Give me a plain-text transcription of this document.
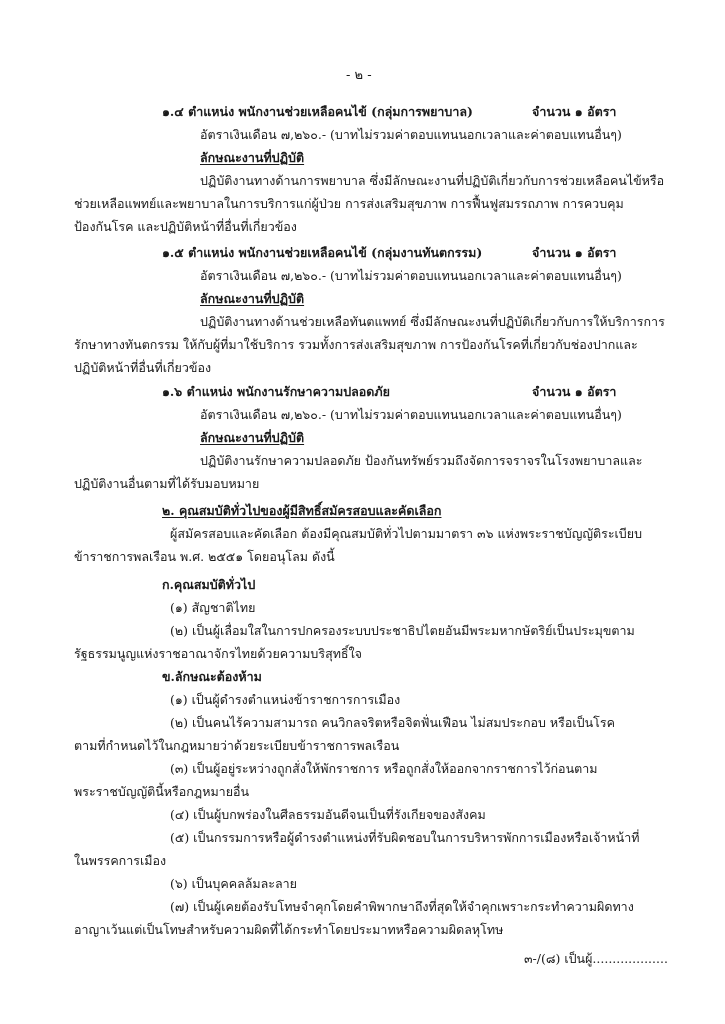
- ๒ -
๑.๔ ตำแหน่ง พนักงานช่วยเหลือคนไข้ (กลุ่มการพยาบาล)	จำนวน ๑ อัตรา
อัตราเงินเดือน ๗,๒๖๐.- (บาทไม่รวมค่าตอบแทนนอกเวลาและค่าตอบแทนอื่นๆ)
ลักษณะงานที่ปฏิบัติ
ปฏิบัติงานทางด้านการพยาบาล ซึ่งมีลักษณะงานที่ปฏิบัติเกี่ยวกับการช่วยเหลือคนไข้หรือ
ช่วยเหลือแพทย์และพยาบาลในการบริการแก่ผู้ป่วย การส่งเสริมสุขภาพ การฟื้นฟูสมรรถภาพ การควบคุม
ป้องกันโรค และปฏิบัติหน้าที่อื่นที่เกี่ยวข้อง
๑.๕ ตำแหน่ง พนักงานช่วยเหลือคนไข้ (กลุ่มงานทันตกรรม)	จำนวน ๑ อัตรา
อัตราเงินเดือน ๗,๒๖๐.- (บาทไม่รวมค่าตอบแทนนอกเวลาและค่าตอบแทนอื่นๆ)
ลักษณะงานที่ปฏิบัติ
ปฏิบัติงานทางด้านช่วยเหลือทันตแพทย์ ซึ่งมีลักษณะงนที่ปฏิบัติเกี่ยวกับการให้บริการการ
รักษาทางทันตกรรม ให้กับผู้ที่มาใช้บริการ รวมทั้งการส่งเสริมสุขภาพ การป้องกันโรคที่เกี่ยวกับช่องปากและ
ปฏิบัติหน้าที่อื่นที่เกี่ยวข้อง
๑.๖ ตำแหน่ง พนักงานรักษาความปลอดภัย	จำนวน ๑ อัตรา
อัตราเงินเดือน ๗,๒๖๐.- (บาทไม่รวมค่าตอบแทนนอกเวลาและค่าตอบแทนอื่นๆ)
ลักษณะงานที่ปฏิบัติ
ปฏิบัติงานรักษาความปลอดภัย ป้องกันทรัพย์รวมถึงจัดการจราจรในโรงพยาบาลและ
ปฏิบัติงานอื่นตามที่ได้รับมอบหมาย
๒. คุณสมบัติทั่วไปของผู้มีสิทธิ์สมัครสอบและคัดเลือก
ผู้สมัครสอบและคัดเลือก ต้องมีคุณสมบัติทั่วไปตามมาตรา ๓๖ แห่งพระราชบัญญัติระเบียบ
ข้าราชการพลเรือน พ.ศ. ๒๕๕๑ โดยอนุโลม ดังนี้
ก.คุณสมบัติทั่วไป
(๑) สัญชาติไทย
(๒) เป็นผู้เลื่อมใสในการปกครองระบบประชาธิปไตยอันมีพระมหากษัตริย์เป็นประมุขตาม
รัฐธรรมนูญแห่งราชอาณาจักรไทยด้วยความบริสุทธิ์ใจ
ข.ลักษณะต้องห้าม
(๑) เป็นผู้ดำรงตำแหน่งข้าราชการการเมือง
(๒) เป็นคนไร้ความสามารถ คนวิกลจริตหรือจิตฟั่นเฟือน ไม่สมประกอบ หรือเป็นโรค
ตามที่กำหนดไว้ในกฎหมายว่าด้วยระเบียบข้าราชการพลเรือน
(๓) เป็นผู้อยู่ระหว่างถูกสั่งให้พักราชการ หรือถูกสั่งให้ออกจากราชการไว้ก่อนตาม
พระราชบัญญัตินี้หรือกฎหมายอื่น
(๔) เป็นผู้บกพร่องในศีลธรรมอันดีจนเป็นที่รังเกียจของสังคม
(๕) เป็นกรรมการหรือผู้ดำรงตำแหน่งที่รับผิดชอบในการบริหารพักการเมืองหรือเจ้าหน้าที่
ในพรรคการเมือง
(๖) เป็นบุคคลล้มละลาย
(๗) เป็นผู้เคยต้องรับโทษจำคุกโดยคำพิพากษาถึงที่สุดให้จำคุกเพราะกระทำความผิดทาง
อาญาเว้นแต่เป็นโทษสำหรับความผิดที่ได้กระทำโดยประมาทหรือความผิดลหุโทษ
๓-/(๘) เป็นผู้...................
